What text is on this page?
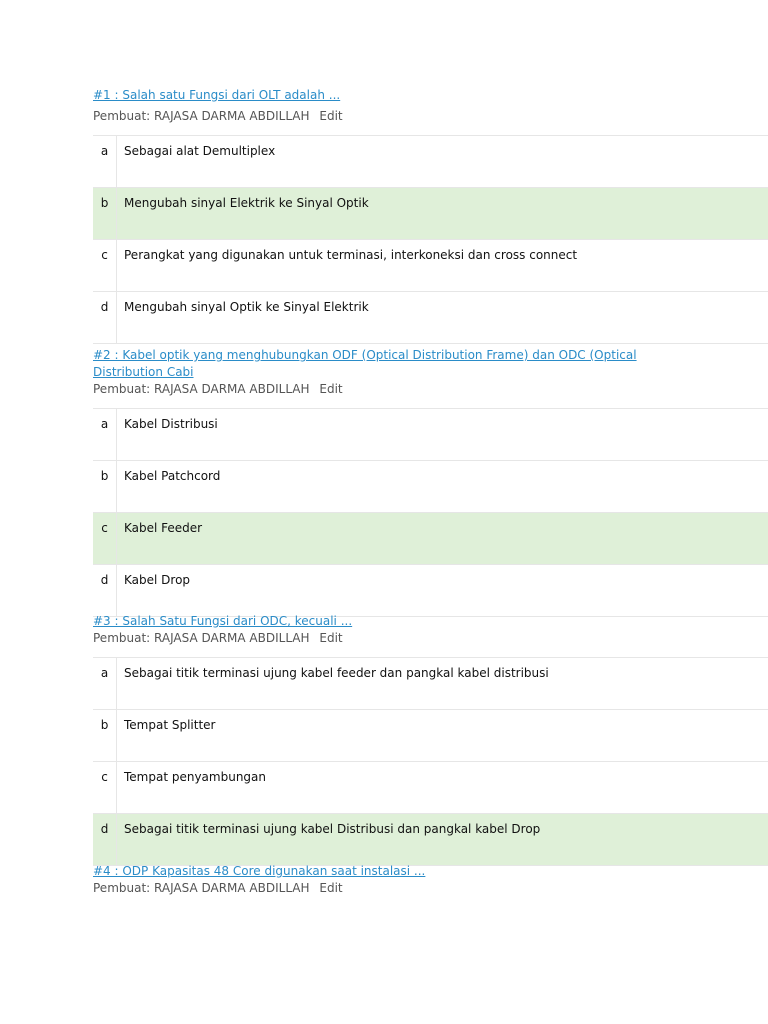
#1 : Salah satu Fungsi dari OLT adalah ...
Pembuat: RAJASA DARMA ABDILLAH Edit
a	Sebagai alat Demultiplex
b	Mengubah sinyal Elektrik ke Sinyal Optik
c	Perangkat yang digunakan untuk terminasi, interkoneksi dan cross connect
d	Mengubah sinyal Optik ke Sinyal Elektrik
#2 : Kabel optik yang menghubungkan ODF (Optical Distribution Frame) dan ODC (Optical Distribution Cabi
Pembuat: RAJASA DARMA ABDILLAH Edit
a	Kabel Distribusi
b	Kabel Patchcord
c	Kabel Feeder
d	Kabel Drop
#3 : Salah Satu Fungsi dari ODC, kecuali ...
Pembuat: RAJASA DARMA ABDILLAH Edit
a	Sebagai titik terminasi ujung kabel feeder dan pangkal kabel distribusi
b	Tempat Splitter
c	Tempat penyambungan
d	Sebagai titik terminasi ujung kabel Distribusi dan pangkal kabel Drop
#4 : ODP Kapasitas 48 Core digunakan saat instalasi ...
Pembuat: RAJASA DARMA ABDILLAH Edit
